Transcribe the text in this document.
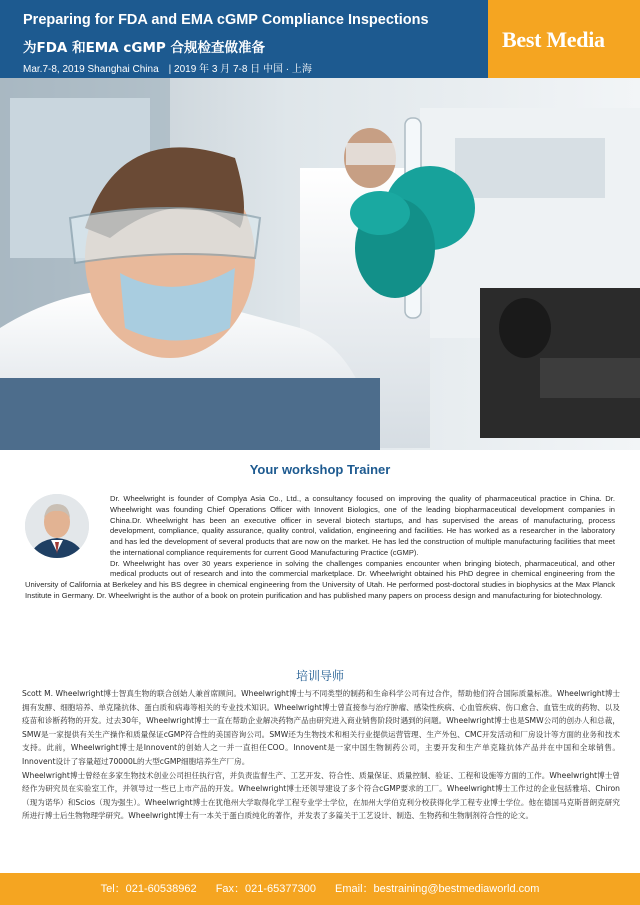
Preparing for FDA and EMA cGMP Compliance Inspections
为FDA 和EMA cGMP 合规检查做准备
Mar.7-8, 2019 Shanghai China　| 2019 年 3 月 7-8 日 中国 · 上海
Best Media
Your workshop Trainer

Dr. Wheelwright is founder of Complya Asia Co., Ltd., a consultancy focused on improving the quality of pharmaceutical practice in China. Dr. Wheelwright was founding Chief Operations Officer with Innovent Biologics, one of the leading biopharmaceutical development companies in China.Dr. Wheelwright has been an executive officer in several biotech startups, and has supervised the areas of manufacturing, process development, compliance, quality assurance, quality control, validation, engineering and facilities. He has worked as a researcher in the laboratory and has led the development of several products that are now on the market. He has led the construction of multiple manufacturing facilities that meet the international compliance requirements for current Good Manufacturing Practice (cGMP).

Dr. Wheelwright has over 30 years experience in solving the challenges companies encounter when bringing biotech, pharmaceutical, and other medical products out of research and into the commercial marketplace. Dr. Wheelwright obtained his PhD degree in chemical engineering from the University of California at Berkeley and his BS degree in chemical engineering from the University of Utah. He performed post-doctoral studies in biophysics at the Max Planck Institute in Germany. Dr. Wheelwright is the author of a book on protein purification and has published many papers on process design and manufacturing for biotechnology.

培训导师

Scott M. Wheelwright博士智真生物的联合创始人兼首席顾问。Wheelwright博士与不同类型的制药和生命科学公司有过合作，帮助他们符合国际质量标准。Wheelwright博士拥有发酵、细胞培养、单克隆抗体、蛋白质和病毒等相关的专业技术知识。Wheelwright博士曾直接参与治疗肿瘤、感染性疾病、心血管疾病、伤口愈合、血管生成的药物、以及疫苗和诊断药物的开发。过去30年，Wheelwright博士一直在帮助企业解决药物产品由研究进入商业销售阶段时遇到的问题。Wheelwright博士也是SMW公司的创办人和总裁，SMW是一家提供有关生产操作和质量保证cGMP符合性的美国咨询公司。SMW还为生物技术和相关行业提供运营管理、生产外包、CMC开发活动和厂房设计等方面的业务和技术支持。此前，Wheelwright博士是Innovent的创始人之一并一直担任COO。Innovent是一家中国生物制药公司，主要开发和生产单克隆抗体产品并在中国和全球销售。Innovent设计了容量超过70000L的大型cGMP细胞培养生产厂房。

Wheelwright博士曾经在多家生物技术创业公司担任执行官，并负责监督生产、工艺开发、符合性、质量保证、质量控制、验证、工程和设施等方面的工作。Wheelwright博士曾经作为研究员在实验室工作，并领导过一些已上市产品的开发。Wheelwright博士还领导建设了多个符合cGMP要求的工厂。Wheelwright博士工作过的企业包括雅培、Chiron（现为诺华）和Scios（现为强生）。Wheelwright博士在犹他州大学取得化学工程专业学士学位，在加州大学伯克利分校获得化学工程专业博士学位。他在德国马克斯普朗克研究所进行博士后生物物理学研究。Wheelwright博士有一本关于蛋白质纯化的著作，并发表了多篇关于工艺设计、制造、生物药和生物制剂符合性的论文。

Tel：021-60538962 Fax：021-65377300 Email：bestraining@bestmediaworld.com
